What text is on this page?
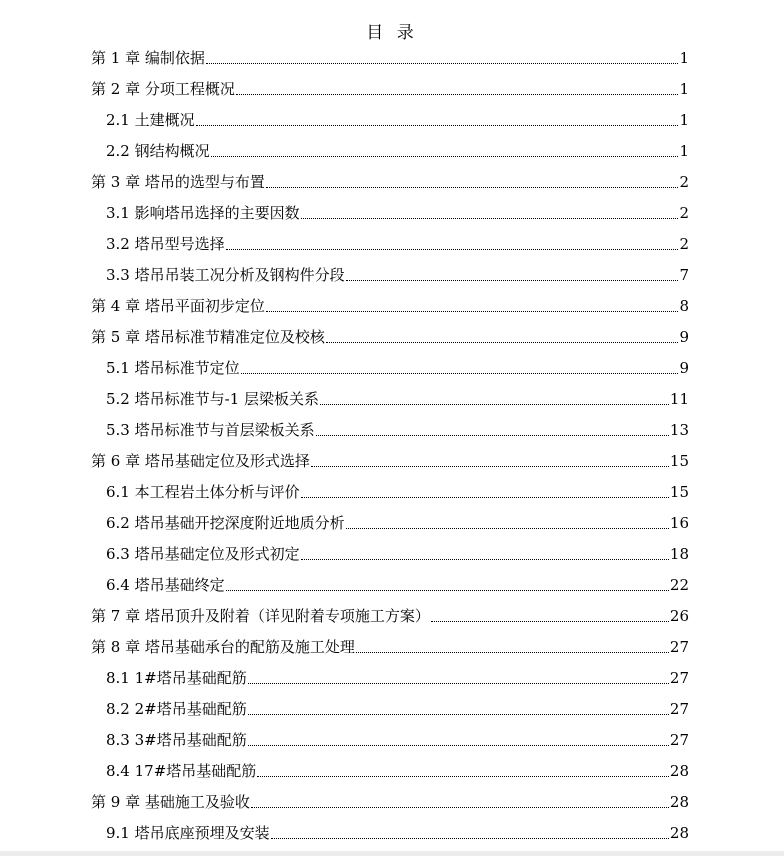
目 录
第 1 章 编制依据	1
第 2 章 分项工程概况	1
2.1 土建概况	1
2.2 钢结构概况	1
第 3 章 塔吊的选型与布置	2
3.1 影响塔吊选择的主要因数	2
3.2 塔吊型号选择	2
3.3 塔吊吊装工况分析及钢构件分段	7
第 4 章 塔吊平面初步定位	8
第 5 章 塔吊标准节精准定位及校核	9
5.1 塔吊标准节定位	9
5.2 塔吊标准节与-1 层梁板关系	11
5.3 塔吊标准节与首层梁板关系	13
第 6 章 塔吊基础定位及形式选择	15
6.1 本工程岩土体分析与评价	15
6.2 塔吊基础开挖深度附近地质分析	16
6.3 塔吊基础定位及形式初定	18
6.4 塔吊基础终定	22
第 7 章 塔吊顶升及附着（详见附着专项施工方案）	26
第 8 章 塔吊基础承台的配筋及施工处理	27
8.1 1#塔吊基础配筋	27
8.2 2#塔吊基础配筋	27
8.3 3#塔吊基础配筋	27
8.4 17#塔吊基础配筋	28
第 9 章 基础施工及验收	28
9.1 塔吊底座预埋及安装	28
